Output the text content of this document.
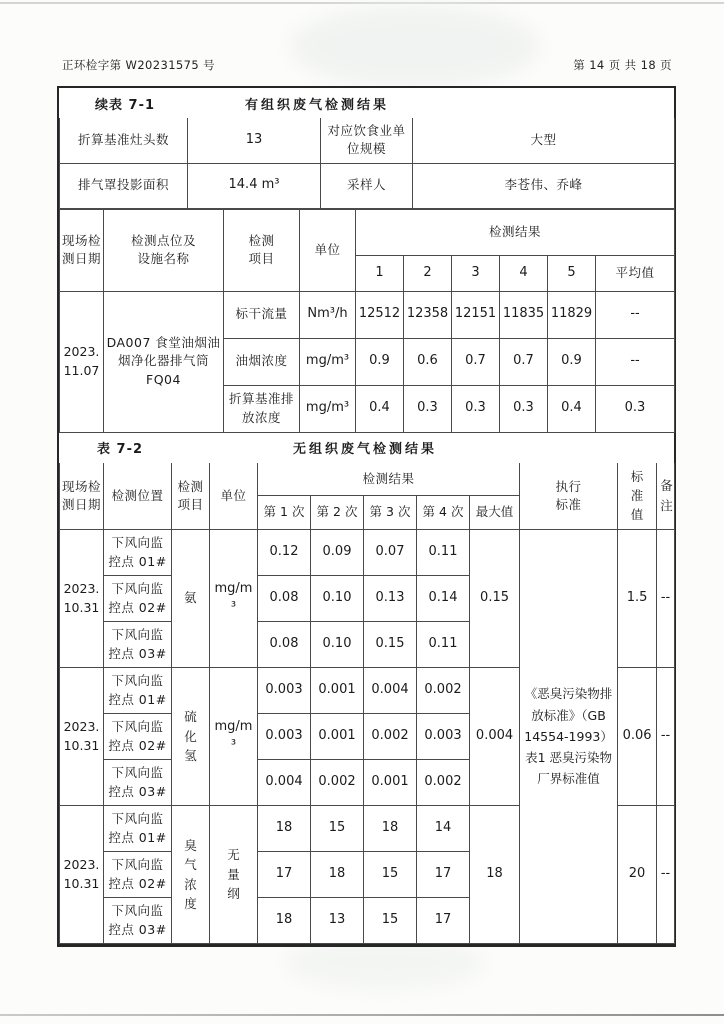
正环检字第 W20231575 号	第 14 页 共 18 页
续表 7-1	有组织废气检测结果
折算基准灶头数	13	对应饮食业单位规模	大型
排气罩投影面积	14.4 m³	采样人	李苍伟、乔峰
现场检测日期	检测点位及设施名称	检测项目	单位	检测结果					
				1	2	3	4	5	平均值
2023.11.07	DA007 食堂油烟油烟净化器排气筒 FQ04	标干流量	Nm³/h	12512	12358	12151	11835	11829	--
		油烟浓度	mg/m³	0.9	0.6	0.7	0.7	0.9	--
		折算基准排放浓度	mg/m³	0.4	0.3	0.3	0.3	0.4	0.3
表 7-2	无组织废气检测结果
现场检测日期	检测位置	检测项目	单位	检测结果					执行标准	标准值	备注
				第 1 次	第 2 次	第 3 次	第 4 次	最大值			
2023.10.31	下风向监控点 01#	氨	mg/m³	0.12	0.09	0.07	0.11	0.15	《恶臭污染物排放标准》（GB 14554-1993）表1 恶臭污染物厂界标准值	1.5	--
	下风向监控点 02#			0.08	0.10	0.13	0.14				
	下风向监控点 03#			0.08	0.10	0.15	0.11				
2023.10.31	下风向监控点 01#	硫化氢	mg/m³	0.003	0.001	0.004	0.002	0.004		0.06	--
	下风向监控点 02#			0.003	0.001	0.002	0.003				
	下风向监控点 03#			0.004	0.002	0.001	0.002				
2023.10.31	下风向监控点 01#	臭气浓度	无量纲	18	15	18	14	18		20	--
	下风向监控点 02#			17	18	15	17				
	下风向监控点 03#			18	13	15	17				
